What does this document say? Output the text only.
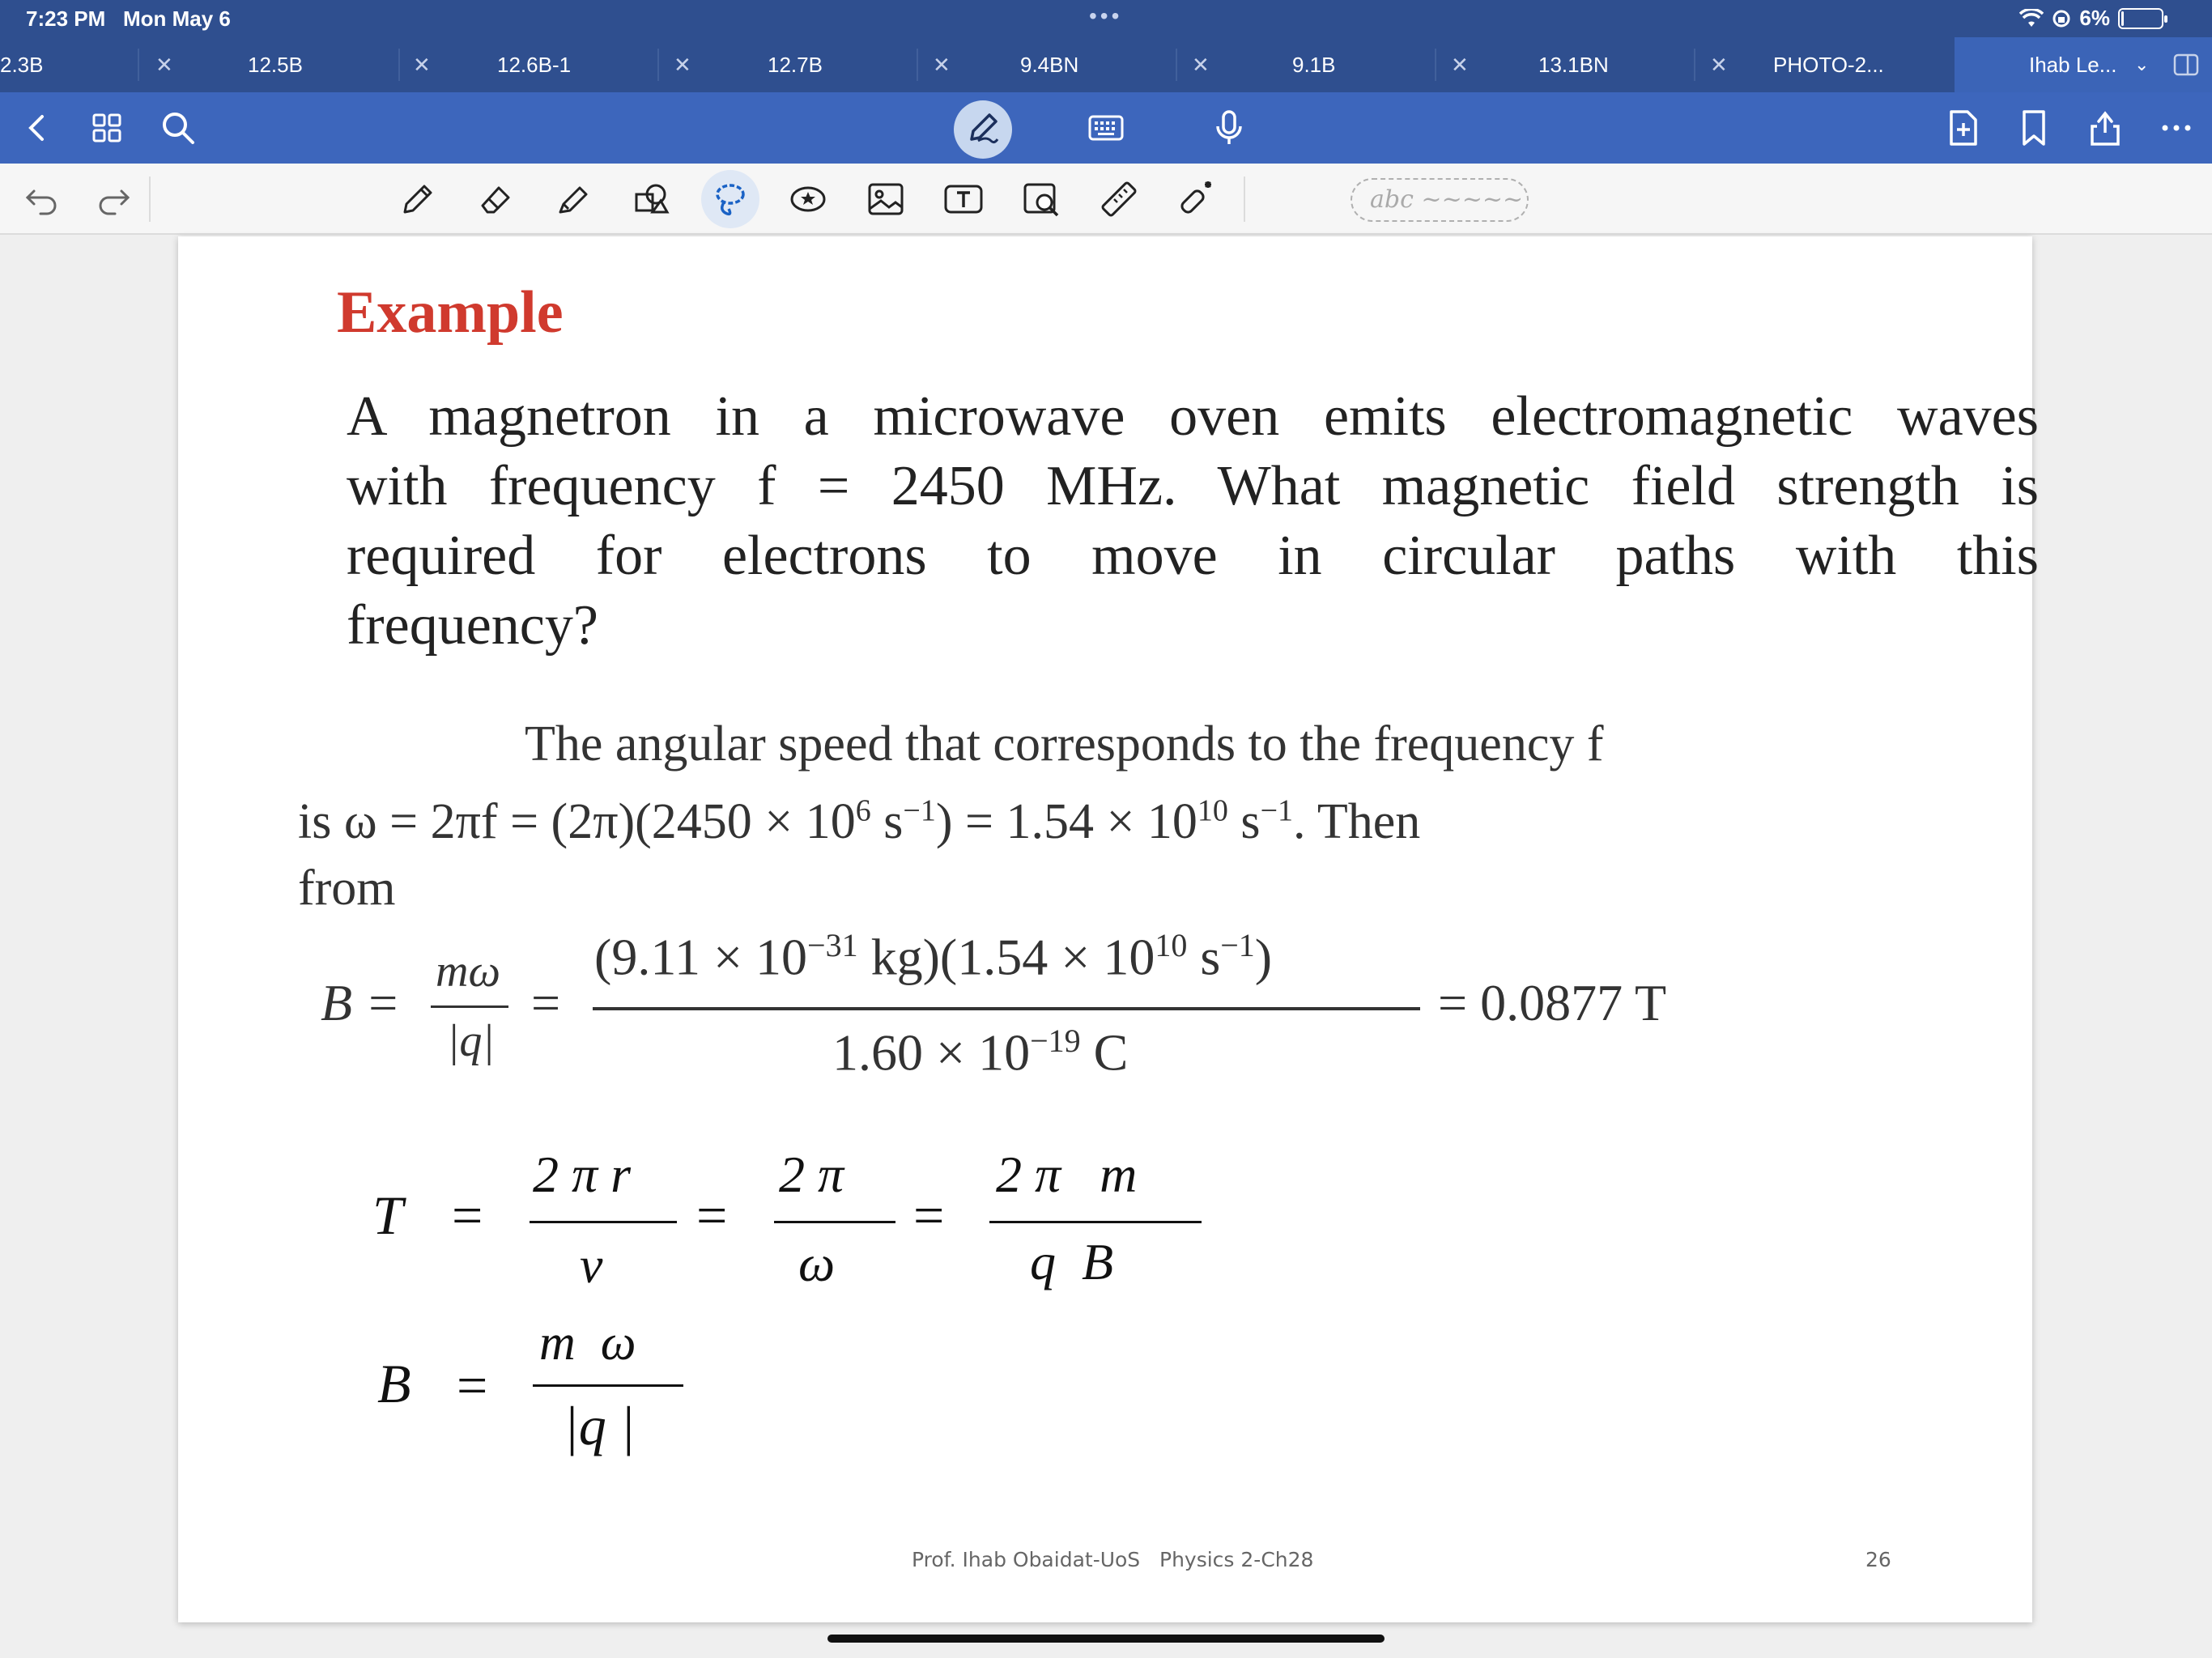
7:23 PM Mon May 6	•••	6%
2.3B	✕	12.5B	✕	12.6B-1	✕	12.7B	✕	9.4BN	✕	9.1B	✕	13.1BN	✕ PHOTO-2...	Ihab Le... ⌄
abc ~~~~~
Example
A magnetron in a microwave oven emits electromagnetic waves
with frequency f = 2450 MHz. What magnetic field strength is
required for electrons to move in circular paths with this
frequency?
The angular speed that corresponds to the frequency f
is $\omega = 2\pi f = (2\pi)(2450 \times 10^6$ $s^{-1}) = 1.54 \times 10^{10}$ $s^{-1}$. Then
from
B =
mω
|q|
=
($9.11 \times 10^{-31}$ $kg)(1.54 \times 10^{10}$ $s^{-1}$)
$1.60 \times 10^{-19}$ C
= 0.0877 T
T =
2 π r
v
=
2 π
ω
=
2 π   m
q  B
B =
m  ω
|q |
Prof. Ihab Obaidat-UoS Physics 2-Ch28	26
